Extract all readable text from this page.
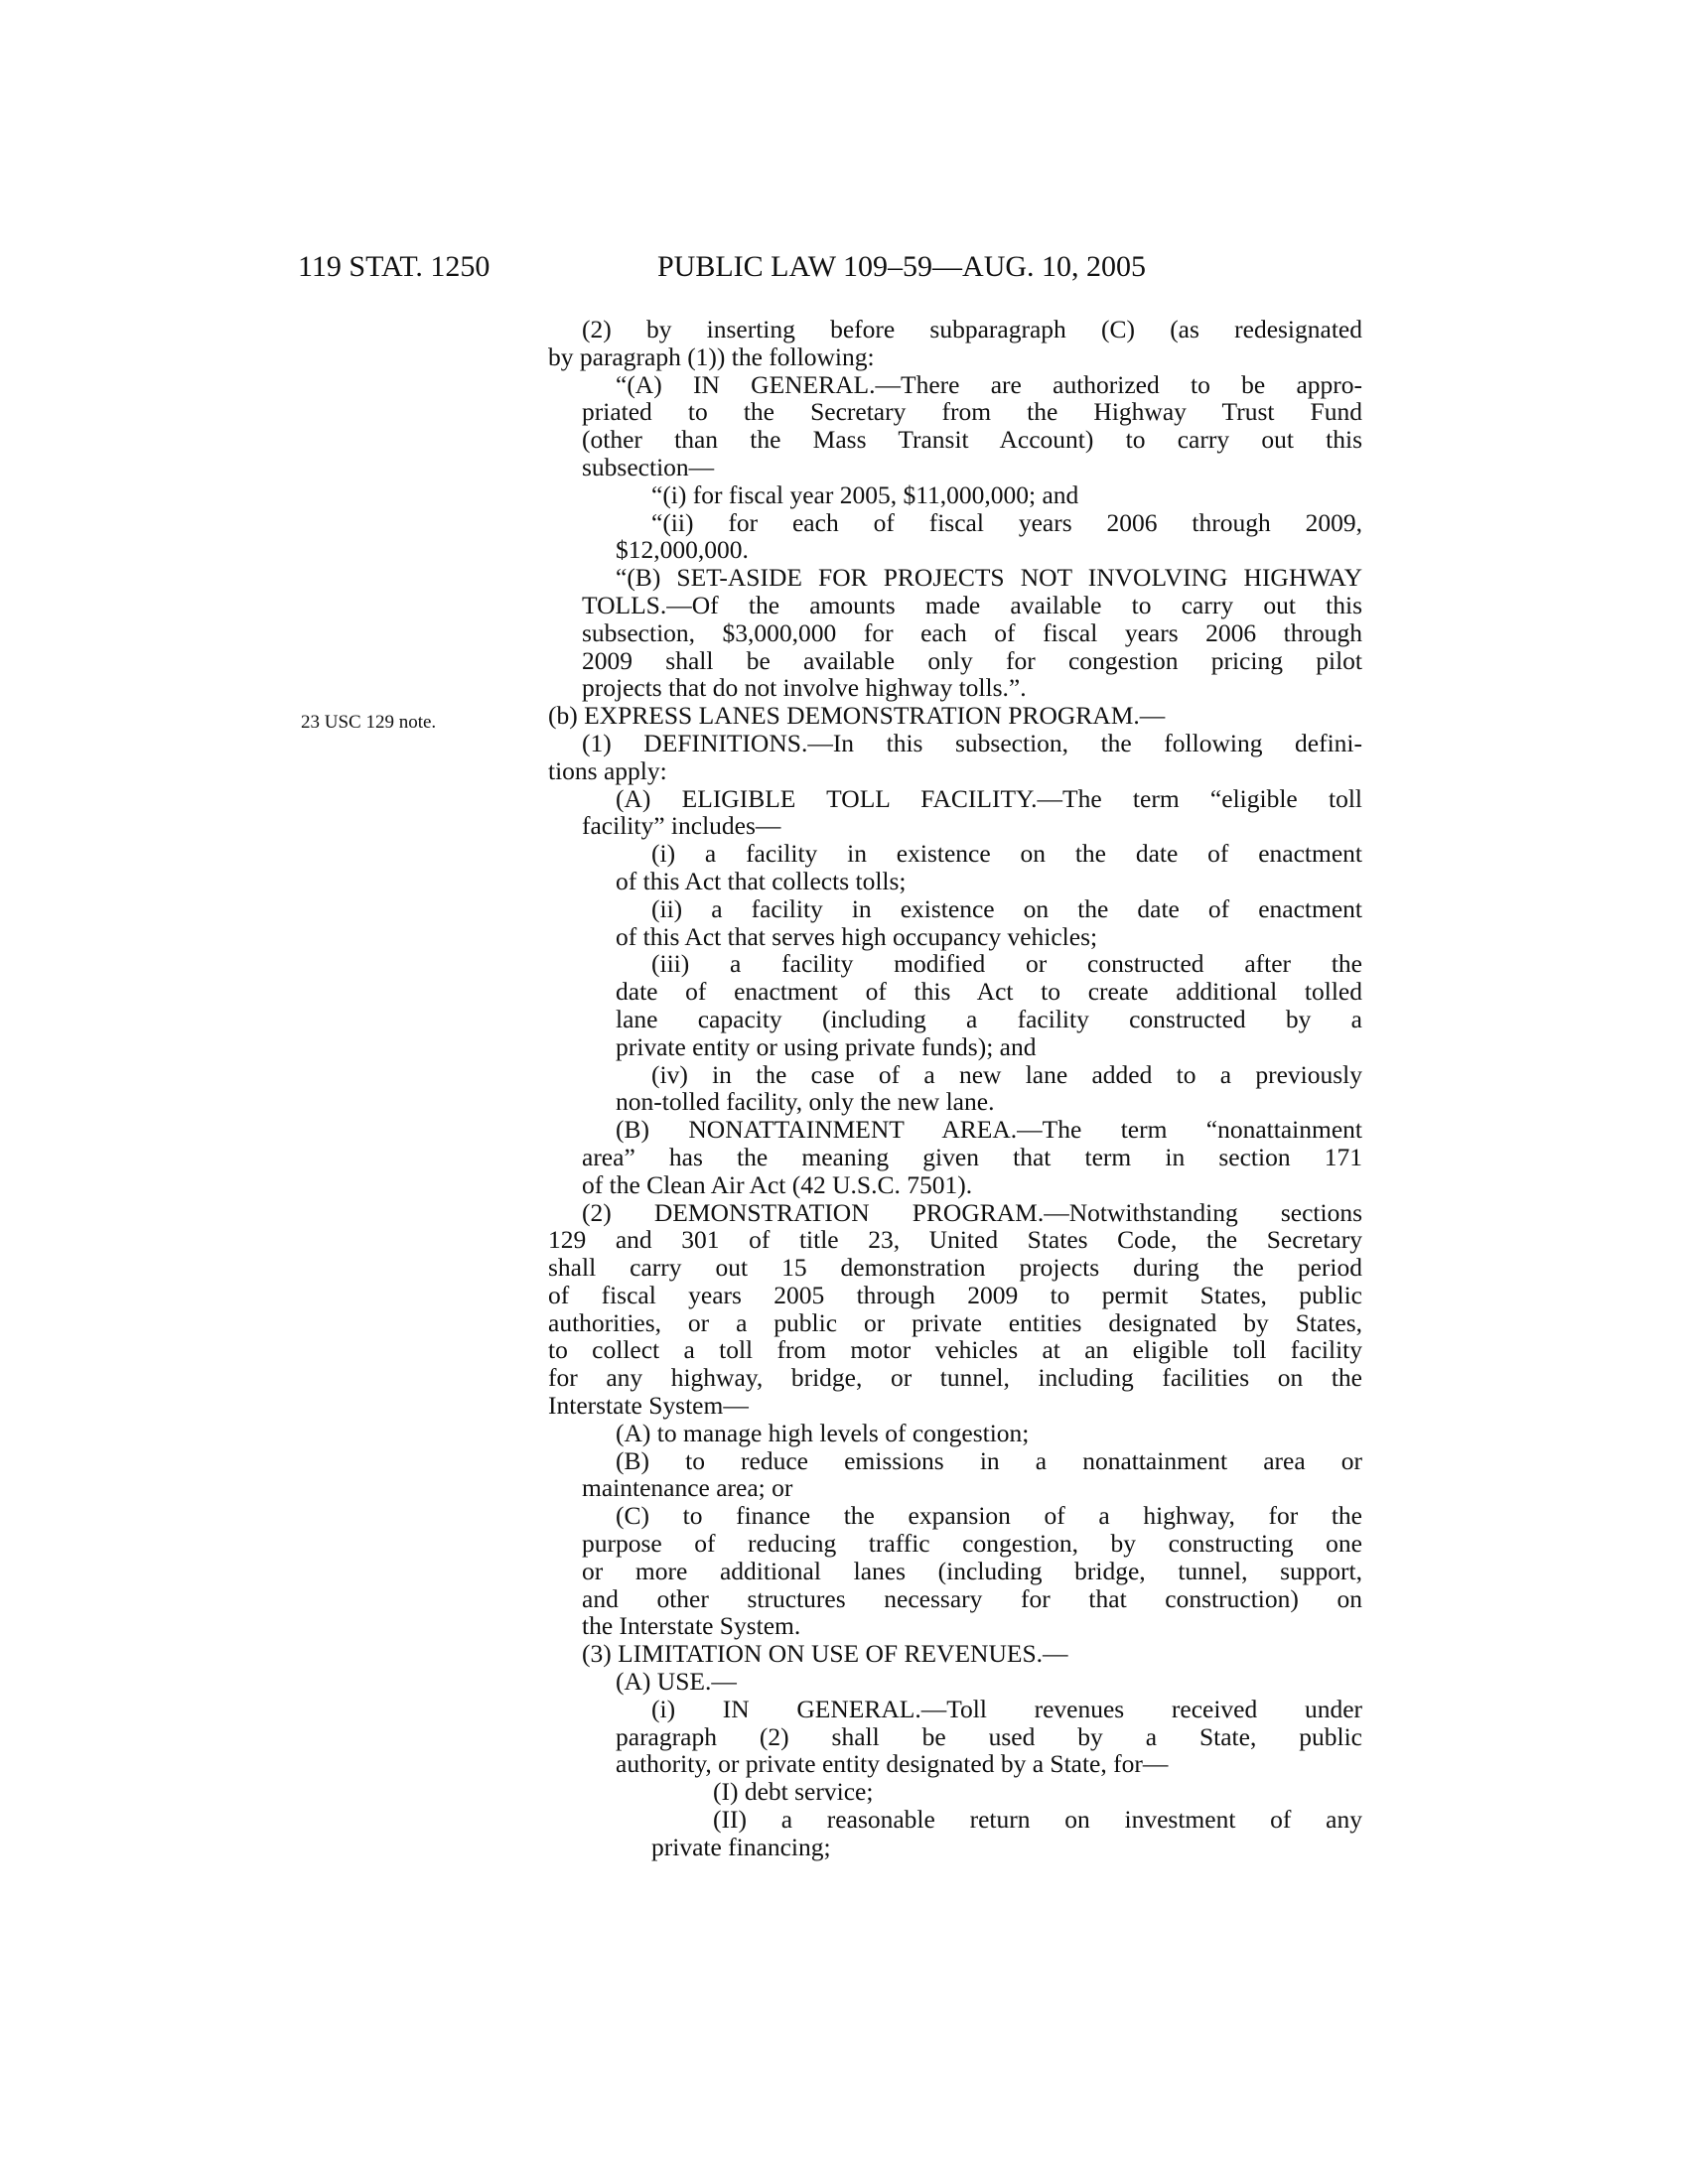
119 STAT. 1250	PUBLIC LAW 109–59—AUG. 10, 2005
23 USC 129 note.
(2) by inserting before subparagraph (C) (as redesignated
by paragraph (1)) the following:
“(A) IN GENERAL.—There are authorized to be appro-
priated to the Secretary from the Highway Trust Fund
(other than the Mass Transit Account) to carry out this
subsection—
“(i) for fiscal year 2005, $11,000,000; and
“(ii) for each of fiscal years 2006 through 2009,
$12,000,000.
“(B) SET-ASIDE FOR PROJECTS NOT INVOLVING HIGHWAY
TOLLS.—Of the amounts made available to carry out this
subsection, $3,000,000 for each of fiscal years 2006 through
2009 shall be available only for congestion pricing pilot
projects that do not involve highway tolls.”.
(b) EXPRESS LANES DEMONSTRATION PROGRAM.—
(1) DEFINITIONS.—In this subsection, the following defini-
tions apply:
(A) ELIGIBLE TOLL FACILITY.—The term “eligible toll
facility” includes—
(i) a facility in existence on the date of enactment
of this Act that collects tolls;
(ii) a facility in existence on the date of enactment
of this Act that serves high occupancy vehicles;
(iii) a facility modified or constructed after the
date of enactment of this Act to create additional tolled
lane capacity (including a facility constructed by a
private entity or using private funds); and
(iv) in the case of a new lane added to a previously
non-tolled facility, only the new lane.
(B) NONATTAINMENT AREA.—The term “nonattainment
area” has the meaning given that term in section 171
of the Clean Air Act (42 U.S.C. 7501).
(2) DEMONSTRATION PROGRAM.—Notwithstanding sections
129 and 301 of title 23, United States Code, the Secretary
shall carry out 15 demonstration projects during the period
of fiscal years 2005 through 2009 to permit States, public
authorities, or a public or private entities designated by States,
to collect a toll from motor vehicles at an eligible toll facility
for any highway, bridge, or tunnel, including facilities on the
Interstate System—
(A) to manage high levels of congestion;
(B) to reduce emissions in a nonattainment area or
maintenance area; or
(C) to finance the expansion of a highway, for the
purpose of reducing traffic congestion, by constructing one
or more additional lanes (including bridge, tunnel, support,
and other structures necessary for that construction) on
the Interstate System.
(3) LIMITATION ON USE OF REVENUES.—
(A) USE.—
(i) IN GENERAL.—Toll revenues received under
paragraph (2) shall be used by a State, public
authority, or private entity designated by a State, for—
(I) debt service;
(II) a reasonable return on investment of any
private financing;
